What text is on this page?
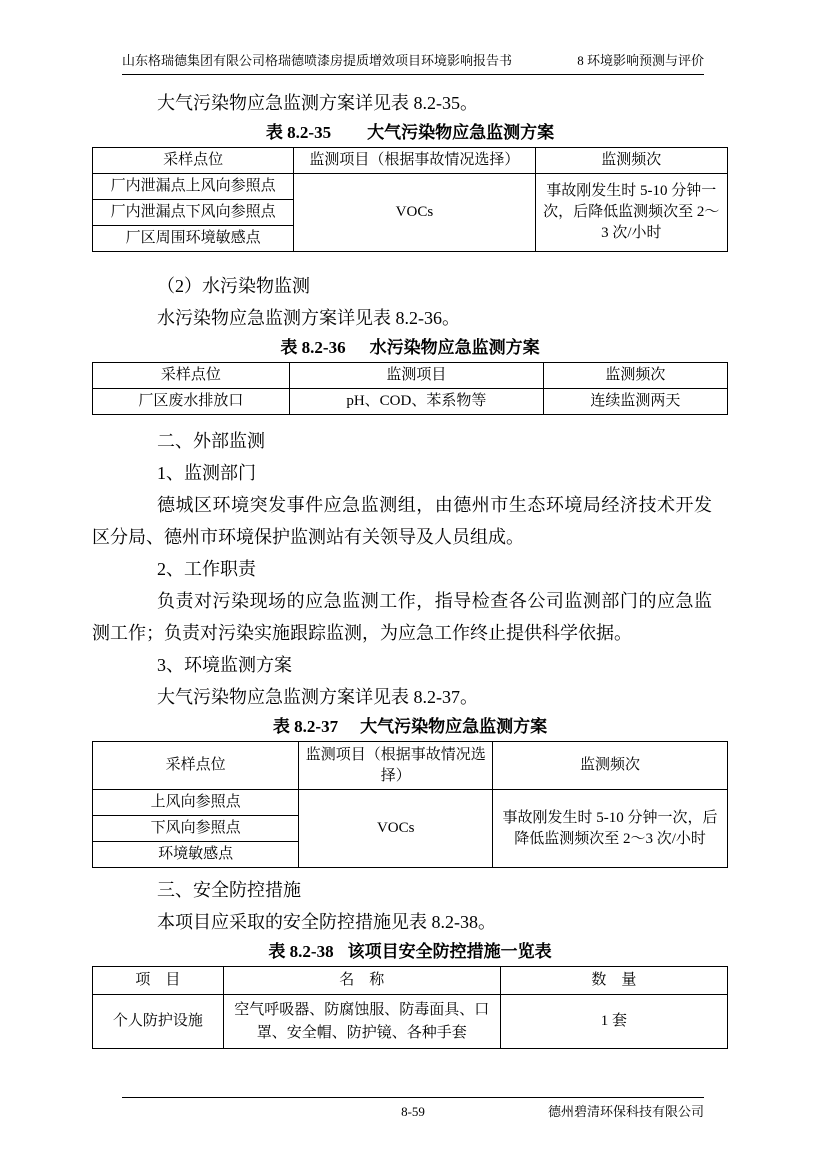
山东格瑞德集团有限公司格瑞德喷漆房提质增效项目环境影响报告书	8 环境影响预测与评价

大气污染物应急监测方案详见表 8.2-35。

表 8.2-35 大气污染物应急监测方案
采样点位	监测项目（根据事故情况选择）	监测频次
厂内泄漏点上风向参照点	VOCs	事故刚发生时 5-10 分钟一次，后降低监测频次至 2～3 次/小时
厂内泄漏点下风向参照点		
厂区周围环境敏感点		

（2）水污染物监测

水污染物应急监测方案详见表 8.2-36。

表 8.2-36 水污染物应急监测方案
采样点位	监测项目	监测频次
厂区废水排放口	pH、COD、苯系物等	连续监测两天

二、外部监测

1、监测部门

德城区环境突发事件应急监测组，由德州市生态环境局经济技术开发区分局、德州市环境保护监测站有关领导及人员组成。

2、工作职责

负责对污染现场的应急监测工作，指导检查各公司监测部门的应急监测工作；负责对污染实施跟踪监测，为应急工作终止提供科学依据。

3、环境监测方案

大气污染物应急监测方案详见表 8.2-37。

表 8.2-37 大气污染物应急监测方案
采样点位	监测项目（根据事故情况选择）	监测频次
上风向参照点	VOCs	事故刚发生时 5-10 分钟一次，后降低监测频次至 2～3 次/小时
下风向参照点		
环境敏感点		

三、安全防控措施

本项目应采取的安全防控措施见表 8.2-38。

表 8.2-38 该项目安全防控措施一览表
项　目	名　称	数　量
个人防护设施	空气呼吸器、防腐蚀服、防毒面具、口罩、安全帽、防护镜、各种手套	1 套
8-59	德州碧清环保科技有限公司
